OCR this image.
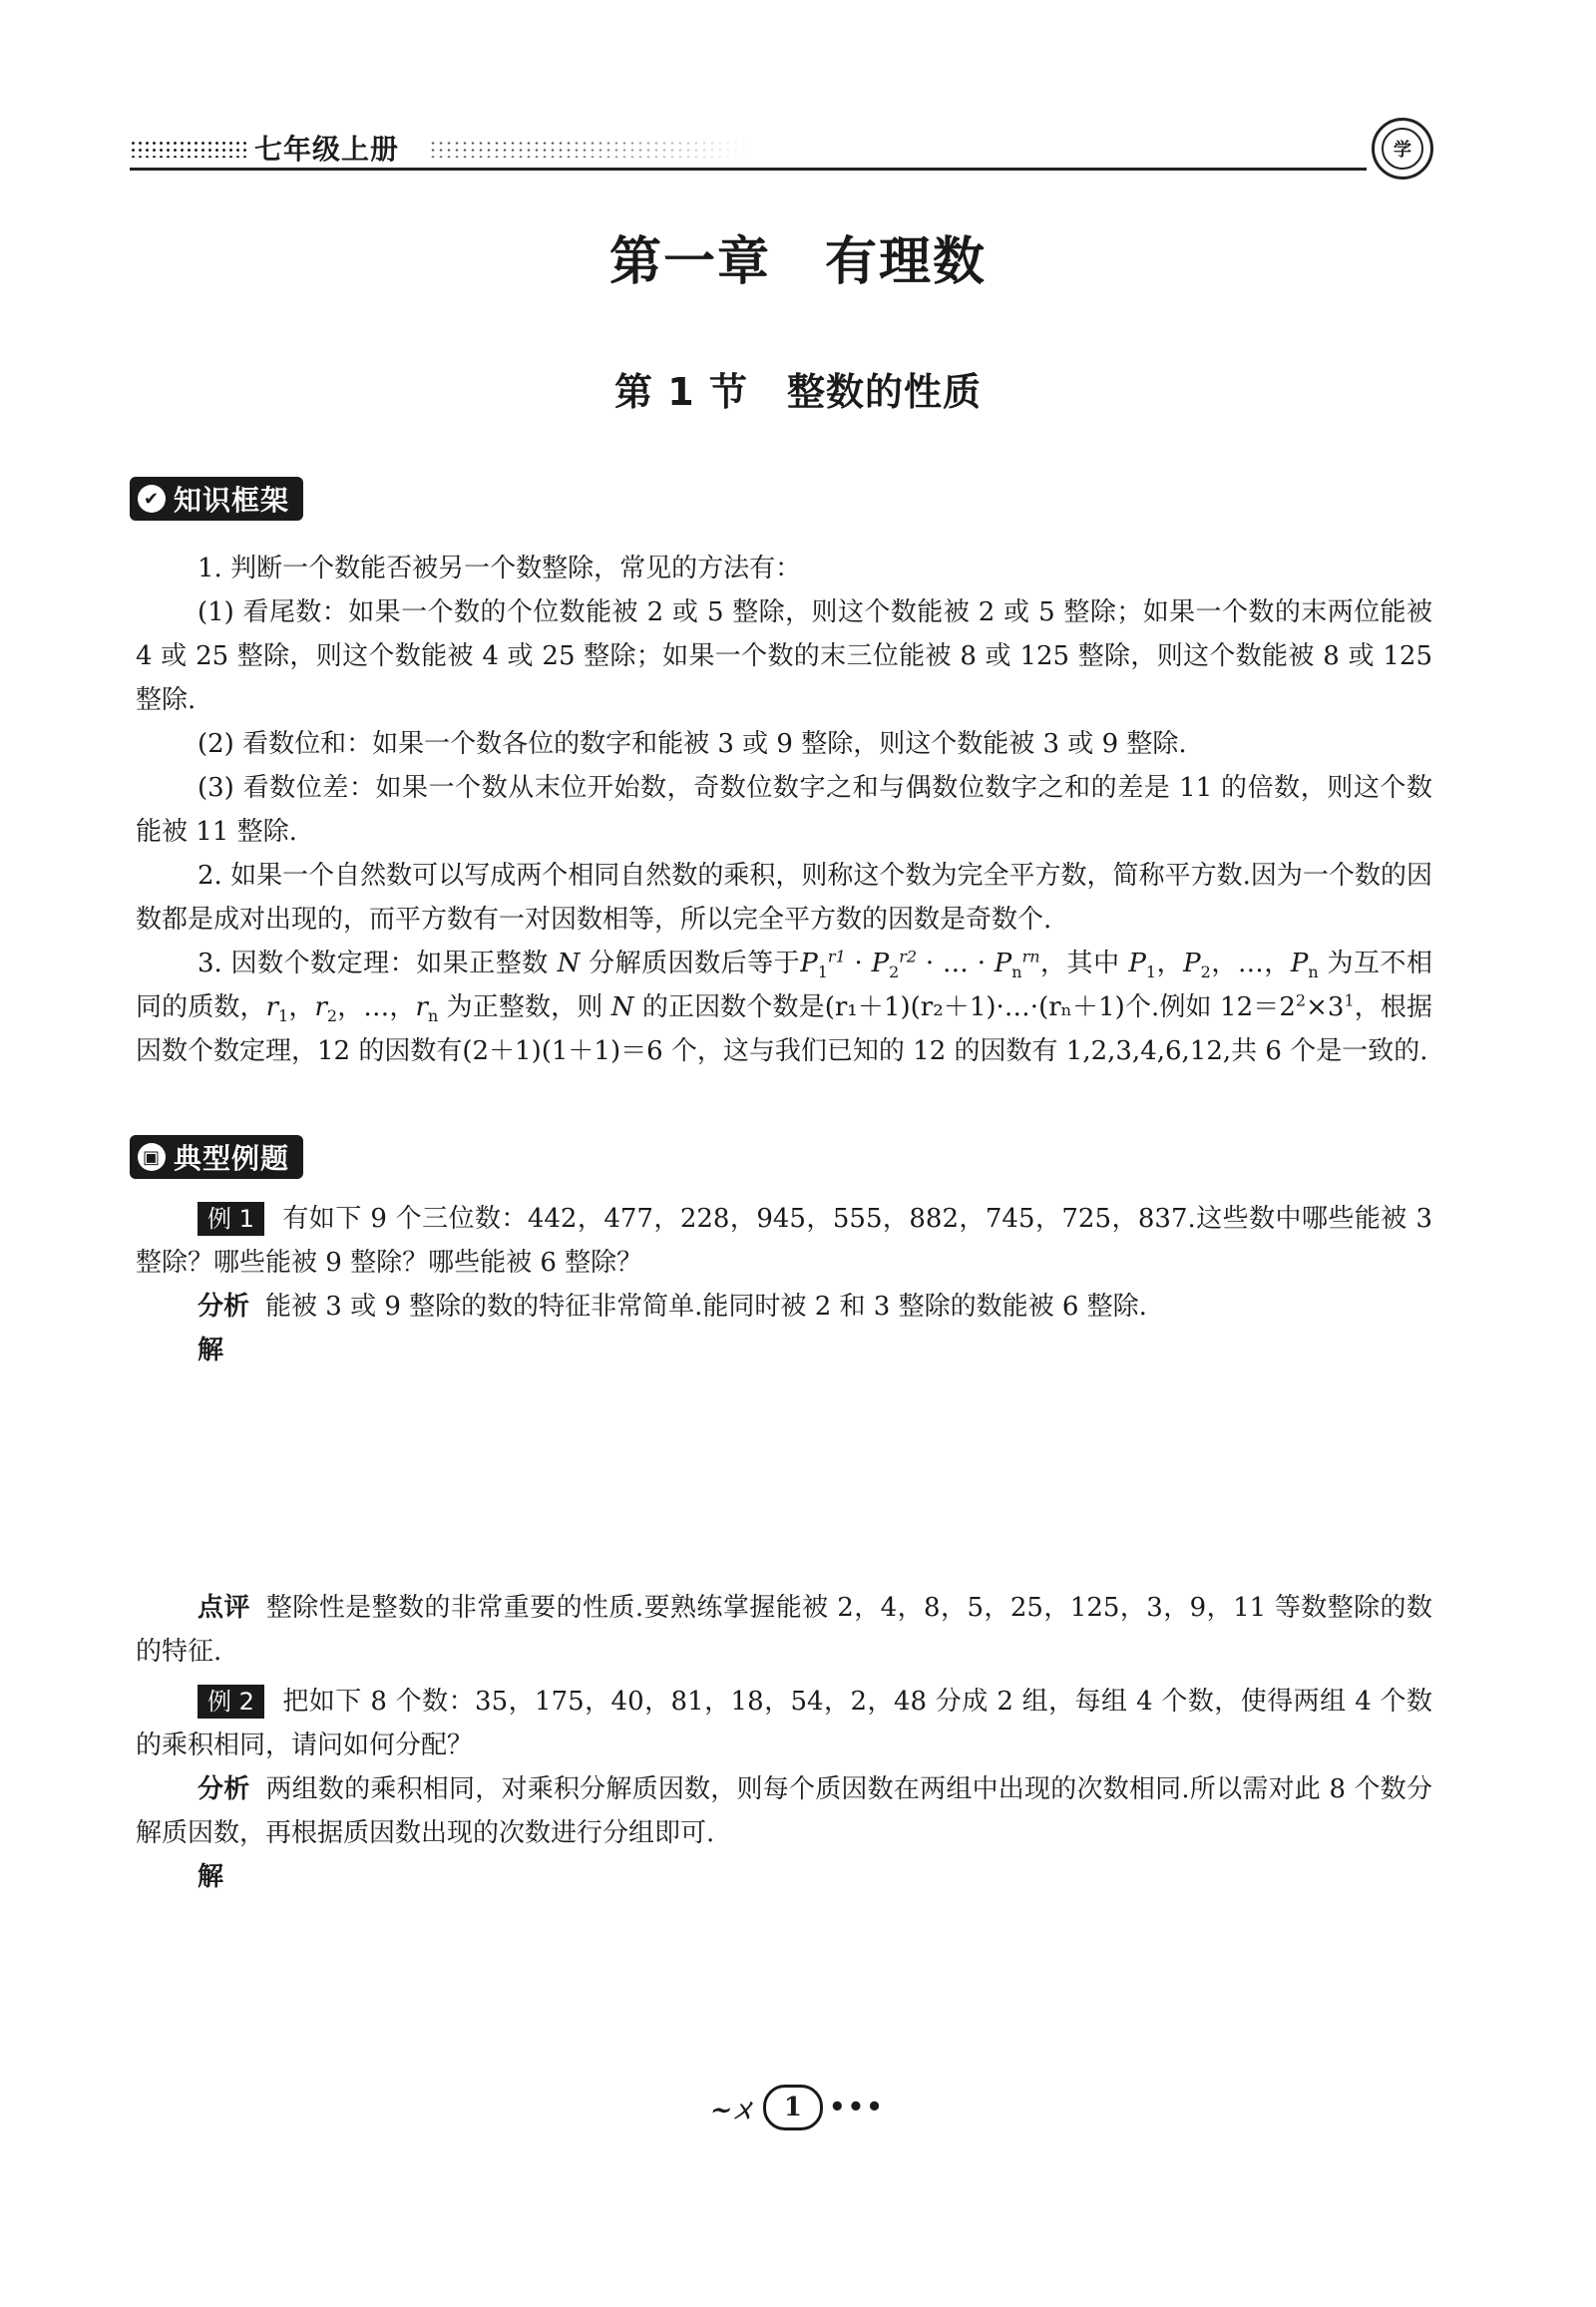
七年级上册	学
第一章　有理数
第 1 节　整数的性质
✔ 知识框架

1. 判断一个数能否被另一个数整除，常见的方法有：

(1) 看尾数：如果一个数的个位数能被 2 或 5 整除，则这个数能被 2 或 5 整除；如果一个数的末两位能被 4 或 25 整除，则这个数能被 4 或 25 整除；如果一个数的末三位能被 8 或 125 整除，则这个数能被 8 或 125 整除.

(2) 看数位和：如果一个数各位的数字和能被 3 或 9 整除，则这个数能被 3 或 9 整除.

(3) 看数位差：如果一个数从末位开始数，奇数位数字之和与偶数位数字之和的差是 11 的倍数，则这个数能被 11 整除.

2. 如果一个自然数可以写成两个相同自然数的乘积，则称这个数为完全平方数，简称平方数.因为一个数的因数都是成对出现的，而平方数有一对因数相等，所以完全平方数的因数是奇数个.

3. 因数个数定理：如果正整数 N 分解质因数后等于$P_1^{r1} \cdot P_2^{r2}$ · … · $P_n^{rn}$，其中 $P_1$，$P_2$，…，$P_n$ 为互不相同的质数，$r_1$，$r_2$，…，$r_n$ 为正整数，则 N 的正因数个数是(r₁＋1)(r₂＋1)·…·(rₙ＋1)个.例如 $12=2^2\times 3^1$，根据因数个数定理，12 的因数有(2＋1)(1＋1)＝6 个，这与我们已知的 12 的因数有 1,2,3,4,6,12,共 6 个是一致的.

▣ 典型例题

例 1 有如下 9 个三位数：442，477，228，945，555，882，745，725，837.这些数中哪些能被 3 整除？哪些能被 9 整除？哪些能被 6 整除？

分析 能被 3 或 9 整除的数的特征非常简单.能同时被 2 和 3 整除的数能被 6 整除.

解

点评 整除性是整数的非常重要的性质.要熟练掌握能被 2，4，8，5，25，125，3，9，11 等数整除的数的特征.

例 2 把如下 8 个数：35，175，40，81，18，54，2，48 分成 2 组，每组 4 个数，使得两组 4 个数的乘积相同，请问如何分配？

分析 两组数的乘积相同，对乘积分解质因数，则每个质因数在两组中出现的次数相同.所以需对此 8 个数分解质因数，再根据质因数出现的次数进行分组即可.

解

~ㄨ 1	•••
